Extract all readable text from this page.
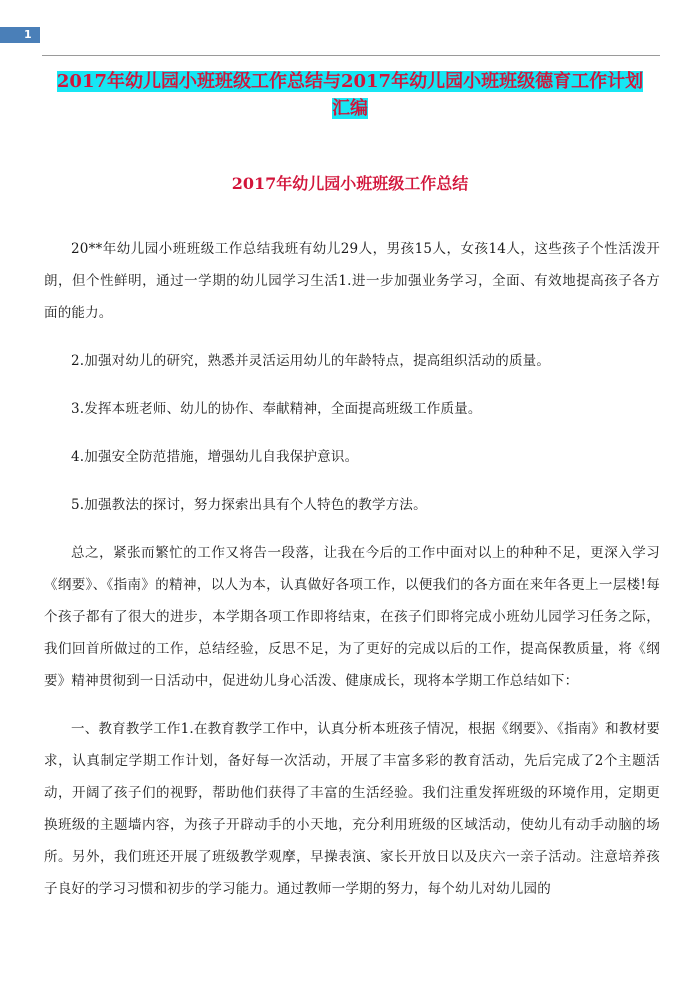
1
2017年幼儿园小班班级工作总结与2017年幼儿园小班班级德育工作计划汇编
2017年幼儿园小班班级工作总结

20**年幼儿园小班班级工作总结我班有幼儿29人，男孩15人，女孩14人，这些孩子个性活泼开朗，但个性鲜明，通过一学期的幼儿园学习生活1.进一步加强业务学习，全面、有效地提高孩子各方面的能力。

2.加强对幼儿的研究，熟悉并灵活运用幼儿的年龄特点，提高组织活动的质量。

3.发挥本班老师、幼儿的协作、奉献精神，全面提高班级工作质量。

4.加强安全防范措施，增强幼儿自我保护意识。

5.加强教法的探讨，努力探索出具有个人特色的教学方法。

总之，紧张而繁忙的工作又将告一段落，让我在今后的工作中面对以上的种种不足，更深入学习《纲要》、《指南》的精神，以人为本，认真做好各项工作，以便我们的各方面在来年各更上一层楼!每个孩子都有了很大的进步，本学期各项工作即将结束，在孩子们即将完成小班幼儿园学习任务之际，我们回首所做过的工作，总结经验，反思不足，为了更好的完成以后的工作，提高保教质量，将《纲要》精神贯彻到一日活动中，促进幼儿身心活泼、健康成长，现将本学期工作总结如下：

一、教育教学工作1.在教育教学工作中，认真分析本班孩子情况，根据《纲要》、《指南》和教材要求，认真制定学期工作计划，备好每一次活动，开展了丰富多彩的教育活动，先后完成了2个主题活动，开阔了孩子们的视野，帮助他们获得了丰富的生活经验。我们注重发挥班级的环境作用，定期更换班级的主题墙内容，为孩子开辟动手的小天地，充分利用班级的区域活动，使幼儿有动手动脑的场所。另外，我们班还开展了班级教学观摩，早操表演、家长开放日以及庆六一亲子活动。注意培养孩子良好的学习习惯和初步的学习能力。通过教师一学期的努力，每个幼儿对幼儿园的
